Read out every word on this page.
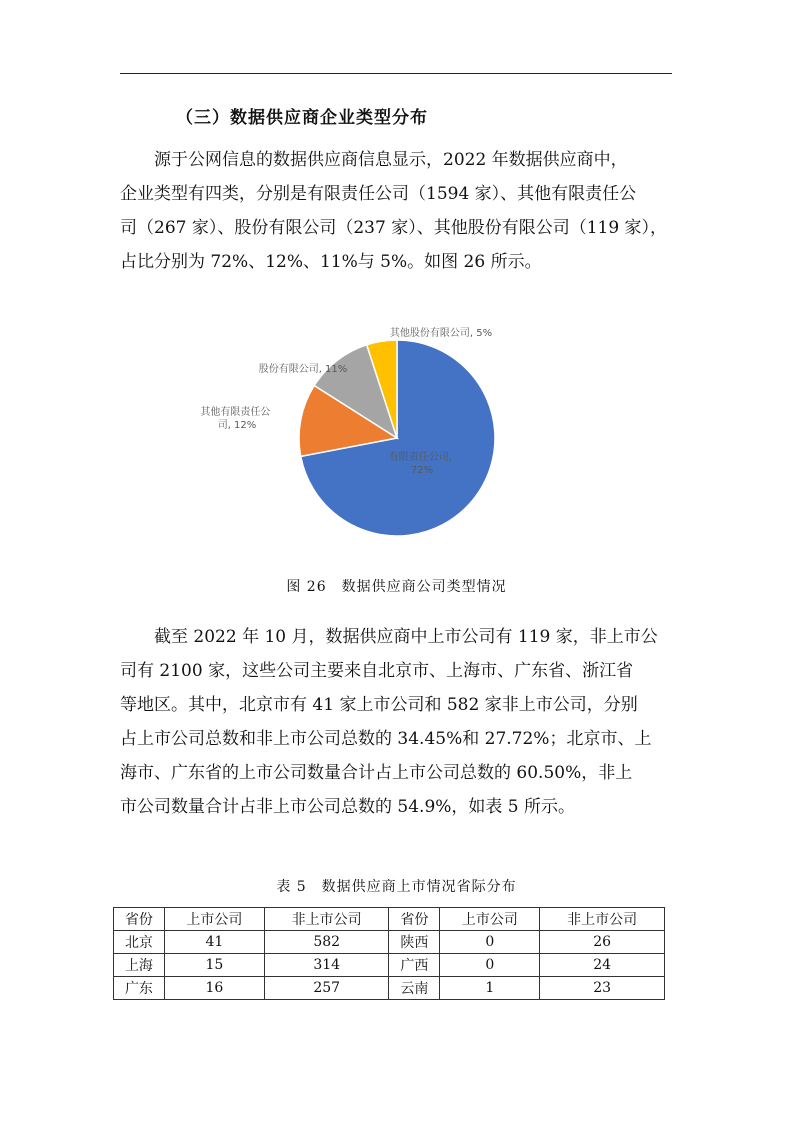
（三）数据供应商企业类型分布

　　源于公网信息的数据供应商信息显示，2022 年数据供应商中，
企业类型有四类，分别是有限责任公司（1594 家）、其他有限责任公
司（267 家）、股份有限公司（237 家）、其他股份有限公司（119 家），
占比分别为 72%、12%、11%与 5%。如图 26 所示。

有限责任公司, 72%
其他有限责任公 司, 12%
股份有限公司, 11%
其他股份有限公司, 5%
图 26　数据供应商公司类型情况

　　截至 2022 年 10 月，数据供应商中上市公司有 119 家，非上市公
司有 2100 家，这些公司主要来自北京市、上海市、广东省、浙江省
等地区。其中，北京市有 41 家上市公司和 582 家非上市公司，分别
占上市公司总数和非上市公司总数的 34.45%和 27.72%；北京市、上
海市、广东省的上市公司数量合计占上市公司总数的 60.50%，非上
市公司数量合计占非上市公司总数的 54.9%，如表 5 所示。

表 5　数据供应商上市情况省际分布
省份	上市公司	非上市公司	省份	上市公司	非上市公司
北京	41	582	陕西	0	26
上海	15	314	广西	0	24
广东	16	257	云南	1	23
